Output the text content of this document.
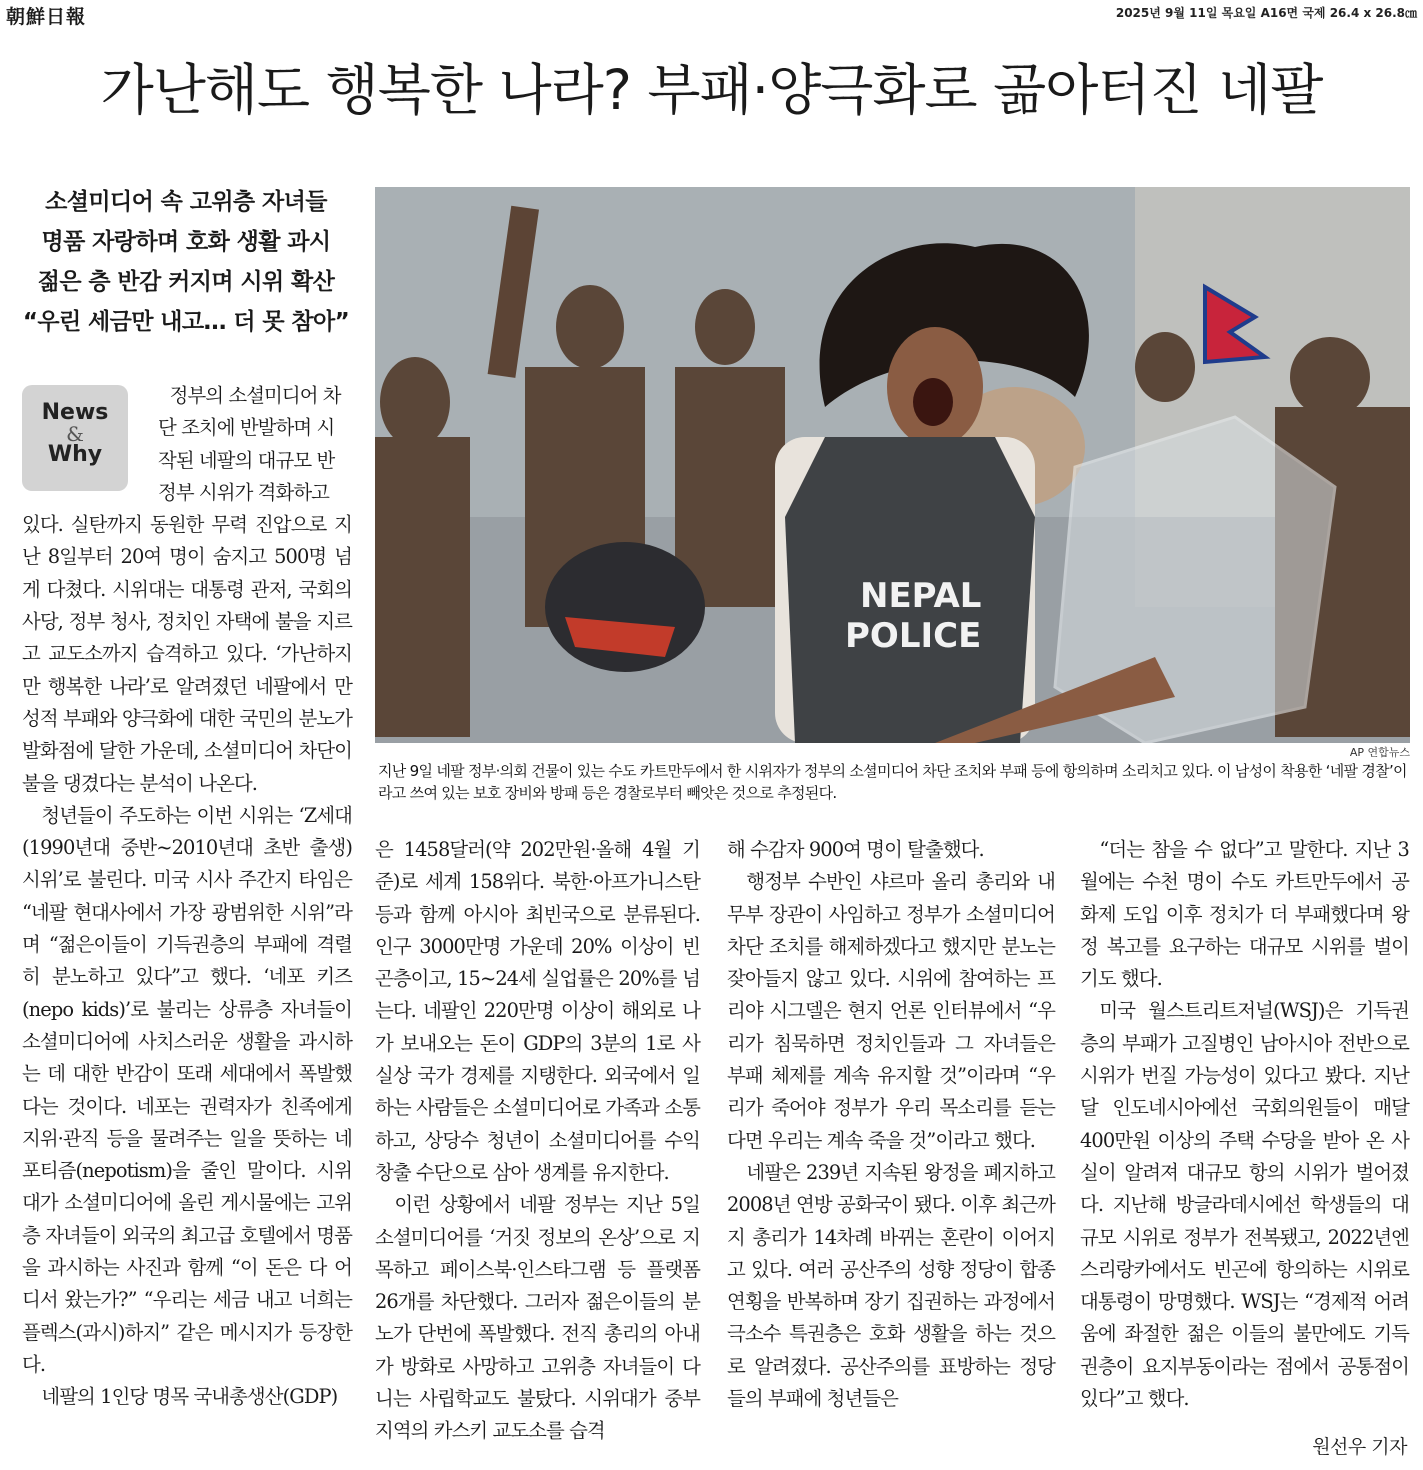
朝鮮日報	2025년 9월 11일 목요일 A16면 국제 26.4 x 26.8㎝
가난해도 행복한 나라? 부패·양극화로 곪아터진 네팔
소셜미디어 속 고위층 자녀들
명품 자랑하며 호화 생활 과시
젊은 층 반감 커지며 시위 확산
“우린 세금만 내고… 더 못 참아”
News
&
Why
정부의 소셜미디어 차
단 조치에 반발하며 시
작된 네팔의 대규모 반
정부 시위가 격화하고

있다. 실탄까지 동원한 무력 진압으로 지난 8일부터 20여 명이 숨지고 500명 넘게 다쳤다. 시위대는 대통령 관저, 국회의사당, 정부 청사, 정치인 자택에 불을 지르고 교도소까지 습격하고 있다. ‘가난하지만 행복한 나라’로 알려졌던 네팔에서 만성적 부패와 양극화에 대한 국민의 분노가 발화점에 달한 가운데, 소셜미디어 차단이 불을 댕겼다는 분석이 나온다.

청년들이 주도하는 이번 시위는 ‘Z세대(1990년대 중반~2010년대 초반 출생) 시위’로 불린다. 미국 시사 주간지 타임은 “네팔 현대사에서 가장 광범위한 시위”라며 “젊은이들이 기득권층의 부패에 격렬히 분노하고 있다”고 했다. ‘네포 키즈(nepo kids)’로 불리는 상류층 자녀들이 소셜미디어에 사치스러운 생활을 과시하는 데 대한 반감이 또래 세대에서 폭발했다는 것이다. 네포는 권력자가 친족에게 지위·관직 등을 물려주는 일을 뜻하는 네포티즘(nepotism)을 줄인 말이다. 시위대가 소셜미디어에 올린 게시물에는 고위층 자녀들이 외국의 최고급 호텔에서 명품을 과시하는 사진과 함께 “이 돈은 다 어디서 왔는가?” “우리는 세금 내고 너희는 플렉스(과시)하지” 같은 메시지가 등장한다.

네팔의 1인당 명목 국내총생산(GDP)

NEPAL
POLICE
AP 연합뉴스
지난 9일 네팔 정부·의회 건물이 있는 수도 카트만두에서 한 시위자가 정부의 소셜미디어 차단 조치와 부패 등에 항의하며 소리치고 있다. 이 남성이 착용한 ‘네팔 경찰’이라고 쓰여 있는 보호 장비와 방패 등은 경찰로부터 빼앗은 것으로 추정된다.

은 1458달러(약 202만원·올해 4월 기준)로 세계 158위다. 북한·아프가니스탄 등과 함께 아시아 최빈국으로 분류된다. 인구 3000만명 가운데 20% 이상이 빈곤층이고, 15~24세 실업률은 20%를 넘는다. 네팔인 220만명 이상이 해외로 나가 보내오는 돈이 GDP의 3분의 1로 사실상 국가 경제를 지탱한다. 외국에서 일하는 사람들은 소셜미디어로 가족과 소통하고, 상당수 청년이 소셜미디어를 수익 창출 수단으로 삼아 생계를 유지한다.

이런 상황에서 네팔 정부는 지난 5일 소셜미디어를 ‘거짓 정보의 온상’으로 지목하고 페이스북·인스타그램 등 플랫폼 26개를 차단했다. 그러자 젊은이들의 분노가 단번에 폭발했다. 전직 총리의 아내가 방화로 사망하고 고위층 자녀들이 다니는 사립학교도 불탔다. 시위대가 중부 지역의 카스키 교도소를 습격

해 수감자 900여 명이 탈출했다.

행정부 수반인 샤르마 올리 총리와 내무부 장관이 사임하고 정부가 소셜미디어 차단 조치를 해제하겠다고 했지만 분노는 잦아들지 않고 있다. 시위에 참여하는 프리야 시그델은 현지 언론 인터뷰에서 “우리가 침묵하면 정치인들과 그 자녀들은 부패 체제를 계속 유지할 것”이라며 “우리가 죽어야 정부가 우리 목소리를 듣는다면 우리는 계속 죽을 것”이라고 했다.

네팔은 239년 지속된 왕정을 폐지하고 2008년 연방 공화국이 됐다. 이후 최근까지 총리가 14차례 바뀌는 혼란이 이어지고 있다. 여러 공산주의 성향 정당이 합종연횡을 반복하며 장기 집권하는 과정에서 극소수 특권층은 호화 생활을 하는 것으로 알려졌다. 공산주의를 표방하는 정당들의 부패에 청년들은

“더는 참을 수 없다”고 말한다. 지난 3월에는 수천 명이 수도 카트만두에서 공화제 도입 이후 정치가 더 부패했다며 왕정 복고를 요구하는 대규모 시위를 벌이기도 했다.

미국 월스트리트저널(WSJ)은 기득권층의 부패가 고질병인 남아시아 전반으로 시위가 번질 가능성이 있다고 봤다. 지난달 인도네시아에선 국회의원들이 매달 400만원 이상의 주택 수당을 받아 온 사실이 알려져 대규모 항의 시위가 벌어졌다. 지난해 방글라데시에선 학생들의 대규모 시위로 정부가 전복됐고, 2022년엔 스리랑카에서도 빈곤에 항의하는 시위로 대통령이 망명했다. WSJ는 “경제적 어려움에 좌절한 젊은 이들의 불만에도 기득권층이 요지부동이라는 점에서 공통점이 있다”고 했다.

원선우 기자
